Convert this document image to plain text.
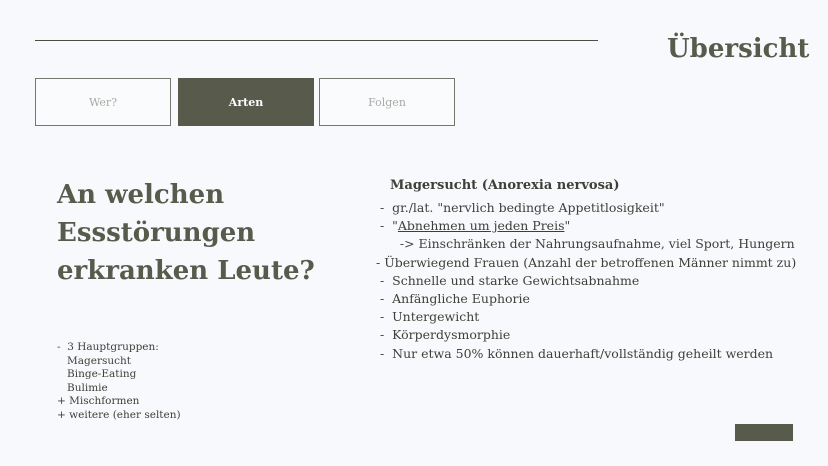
Übersicht
Wer?	Arten	Folgen
An welchen
Essstörungen
erkranken Leute?
-  3 Hauptgruppen:
Magersucht
Binge-Eating
Bulimie
+ Mischformen
+ weitere (eher selten)
Magersucht (Anorexia nervosa)
-  gr./lat. "nervlich bedingte Appetitlosigkeit"
-  "Abnehmen um jeden Preis"
-> Einschränken der Nahrungsaufnahme, viel Sport, Hungern
- Überwiegend Frauen (Anzahl der betroffenen Männer nimmt zu)
-  Schnelle und starke Gewichtsabnahme
-  Anfängliche Euphorie
-  Untergewicht
-  Körperdysmorphie
-  Nur etwa 50% können dauerhaft/vollständig geheilt werden
